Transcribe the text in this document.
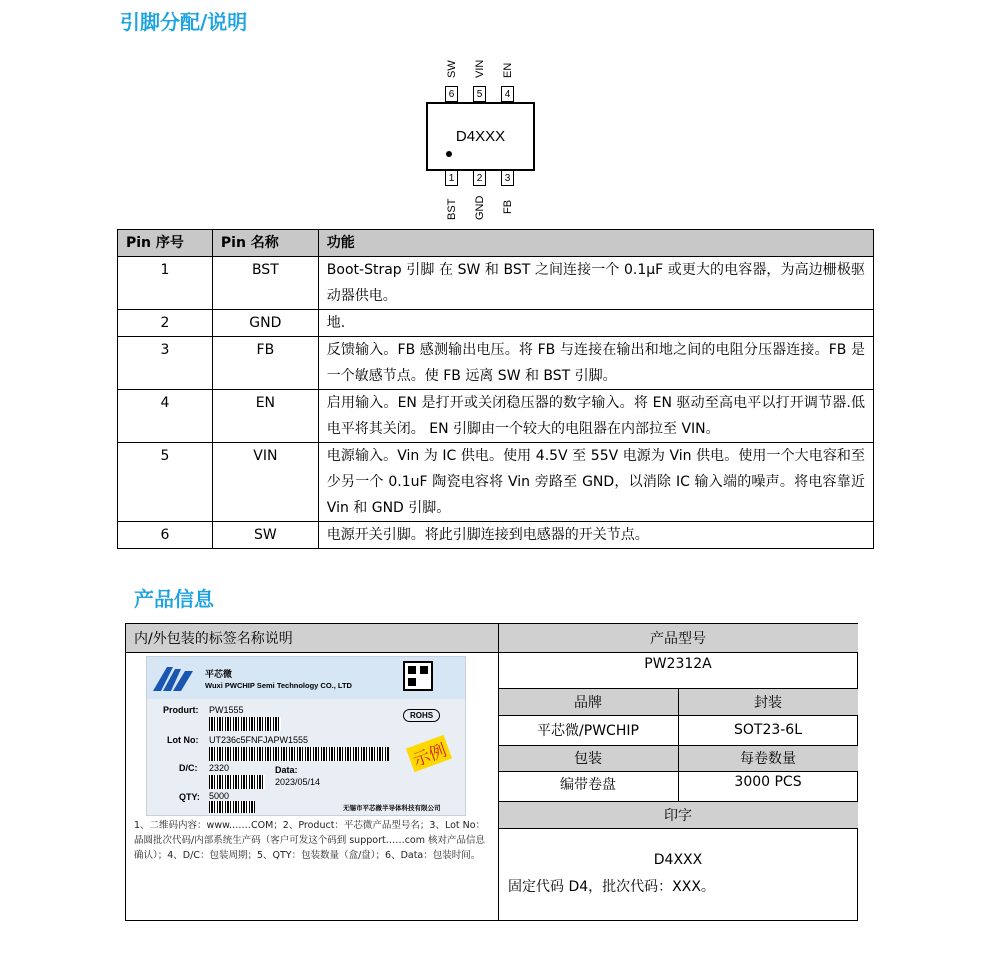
引脚分配/说明
SW VIN EN
6	5	4
D4XXX
1	2	3
BST GND FB
Pin 序号	Pin 名称	功能
1	BST	Boot-Strap 引脚 在 SW 和 BST 之间连接一个 0.1μF 或更大的电容器，为高边栅极驱动器供电。
2	GND	地.
3	FB	反馈输入。FB 感测输出电压。将 FB 与连接在输出和地之间的电阻分压器连接。FB 是一个敏感节点。使 FB 远离 SW 和 BST 引脚。
4	EN	启用输入。EN 是打开或关闭稳压器的数字输入。将 EN 驱动至高电平以打开调节器.低电平将其关闭。 EN 引脚由一个较大的电阻器在内部拉至 VIN。
5	VIN	电源输入。Vin 为 IC 供电。使用 4.5V 至 55V 电源为 Vin 供电。使用一个大电容和至少另一个 0.1uF 陶瓷电容将 Vin 旁路至 GND，以消除 IC 输入端的噪声。将电容靠近 Vin 和 GND 引脚。
6	SW	电源开关引脚。将此引脚连接到电感器的开关节点。
产品信息
内/外包装的标签名称说明	产品型号
PW2312A
品牌	封装
平芯微/PWCHIP	SOT23-6L
包装	每卷数量
编带卷盘	3000 PCS
印字
D4XXX
固定代码 D4，批次代码：XXX。
平芯微
Wuxi PWCHIP Semi Technology CO., LTD
Produrt: PW1555
ROHS
Lot No: UT236c5FNFJAPW1555
示例
D/C: 2320	Data:
2023/05/14
QTY: 5000
无锡市平芯微半导体科技有限公司
1、二维码内容：www.……COM；2、Product：平芯微产品型号名；3、Lot No：晶圆批次代码/内部系统生产码（客户可发这个码到 support……com 核对产品信息确认）；4、D/C：包装周期；5、QTY：包装数量（盒/盘）；6、Data：包装时间。
